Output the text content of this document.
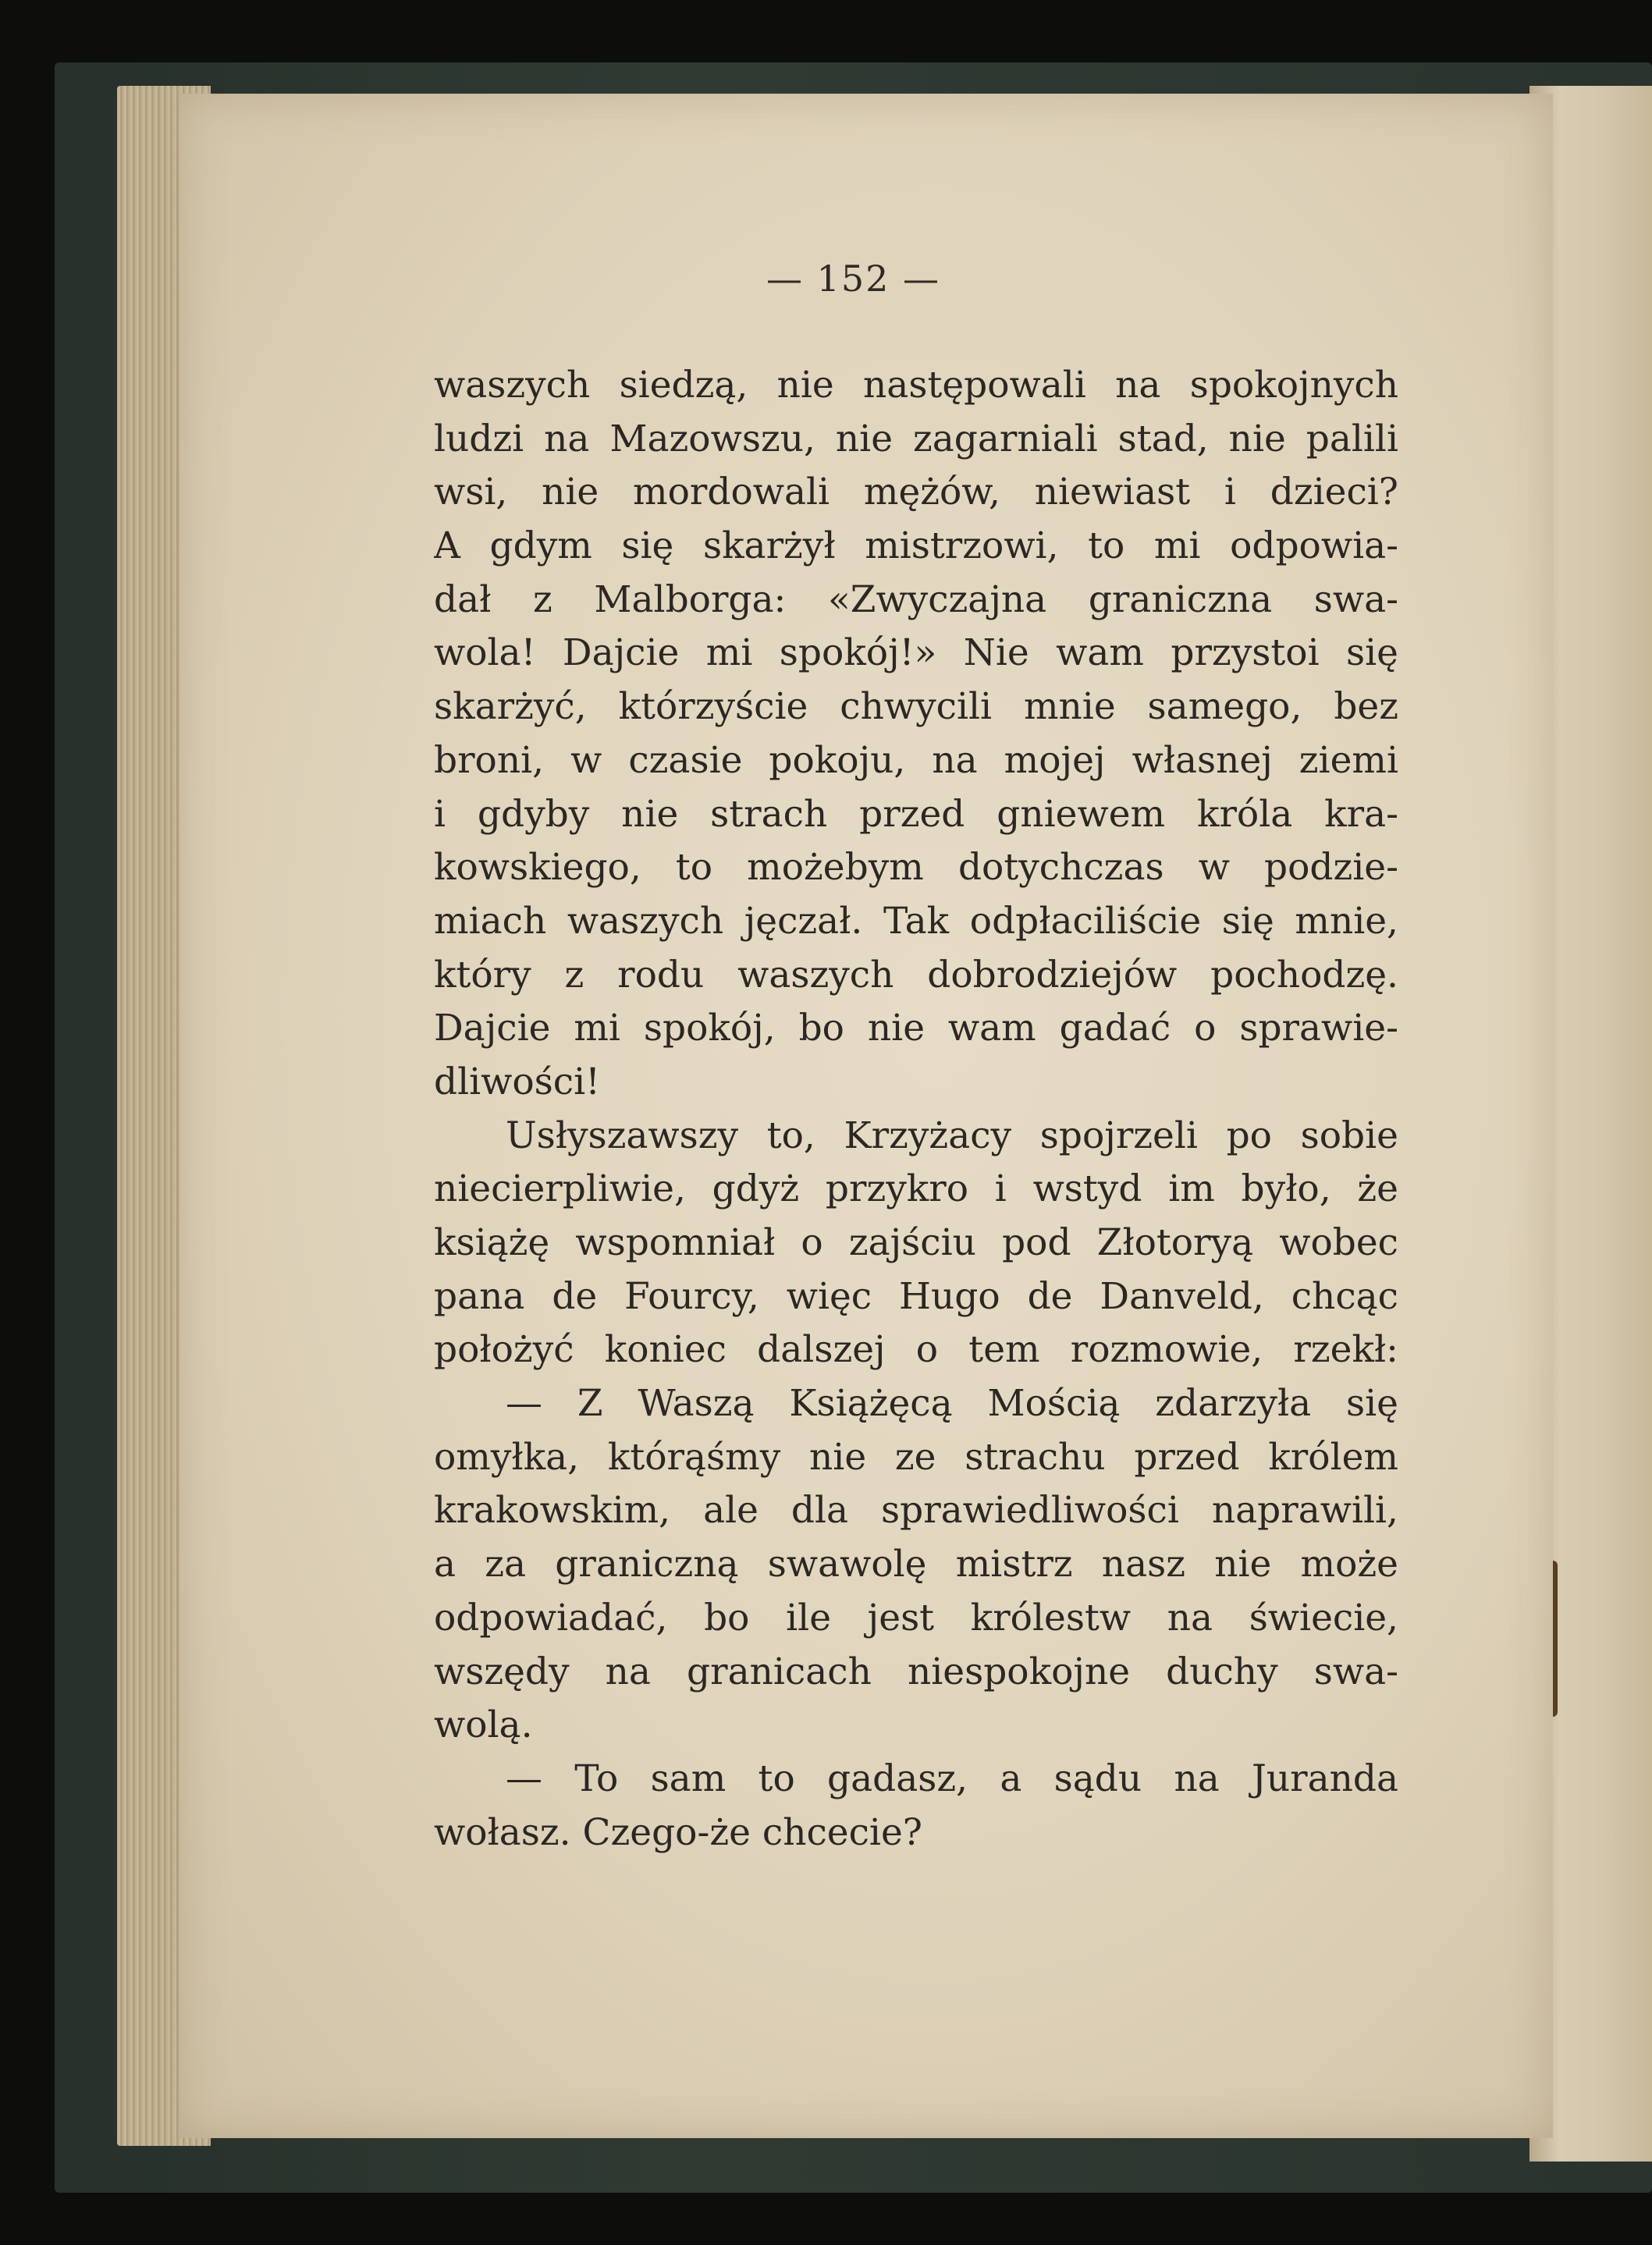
— 152 —
waszych siedzą, nie następowali na spokojnych
ludzi na Mazowszu, nie zagarniali stad, nie palili
wsi, nie mordowali mężów, niewiast i dzieci?
A gdym się skarżył mistrzowi, to mi odpowia-
dał z Malborga: «Zwyczajna graniczna swa-
wola! Dajcie mi spokój!» Nie wam przystoi się
skarżyć, którzyście chwycili mnie samego, bez
broni, w czasie pokoju, na mojej własnej ziemi
i gdyby nie strach przed gniewem króla kra-
kowskiego, to możebym dotychczas w podzie-
miach waszych jęczał. Tak odpłaciliście się mnie,
który z rodu waszych dobrodziejów pochodzę.
Dajcie mi spokój, bo nie wam gadać o sprawie-
dliwości!
Usłyszawszy to, Krzyżacy spojrzeli po sobie
niecierpliwie, gdyż przykro i wstyd im było, że
książę wspomniał o zajściu pod Złotoryą wobec
pana de Fourcy, więc Hugo de Danveld, chcąc
położyć koniec dalszej o tem rozmowie, rzekł:
— Z Waszą Książęcą Mością zdarzyła się
omyłka, którąśmy nie ze strachu przed królem
krakowskim, ale dla sprawiedliwości naprawili,
a za graniczną swawolę mistrz nasz nie może
odpowiadać, bo ile jest królestw na świecie,
wszędy na granicach niespokojne duchy swa-
wolą.
— To sam to gadasz, a sądu na Juranda
wołasz. Czego-że chcecie?
